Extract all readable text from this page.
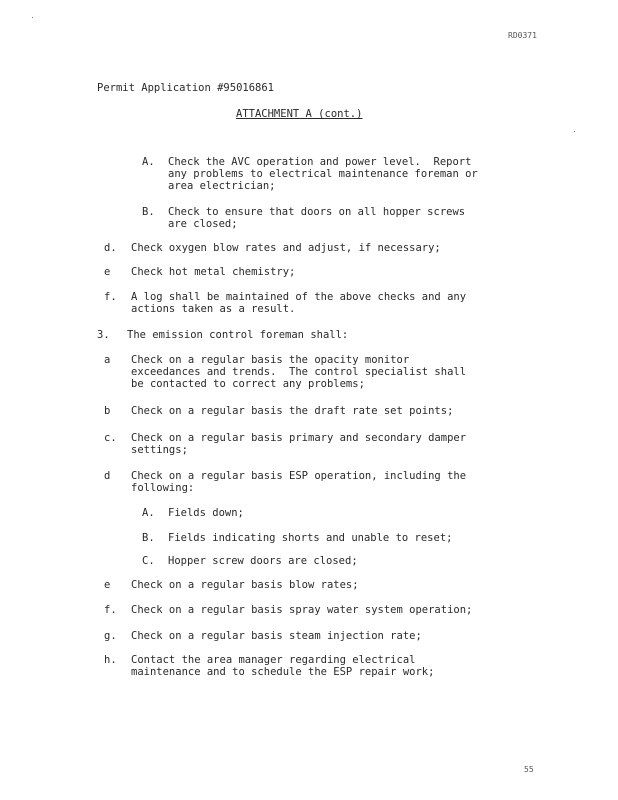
RD0371
Permit Application #95016861
ATTACHMENT A (cont.)
A. Check the AVC operation and power level.  Report
any problems to electrical maintenance foreman or
area electrician;
B. Check to ensure that doors on all hopper screws
are closed;
d. Check oxygen blow rates and adjust, if necessary;
e Check hot metal chemistry;
f. A log shall be maintained of the above checks and any
actions taken as a result.
3. The emission control foreman shall:
a Check on a regular basis the opacity monitor
exceedances and trends.  The control specialist shall
be contacted to correct any problems;
b Check on a regular basis the draft rate set points;
c. Check on a regular basis primary and secondary damper
settings;
d Check on a regular basis ESP operation, including the
following:
A. Fields down;
B. Fields indicating shorts and unable to reset;
C. Hopper screw doors are closed;
e Check on a regular basis blow rates;
f. Check on a regular basis spray water system operation;
g. Check on a regular basis steam injection rate;
h. Contact the area manager regarding electrical
maintenance and to schedule the ESP repair work;
55
